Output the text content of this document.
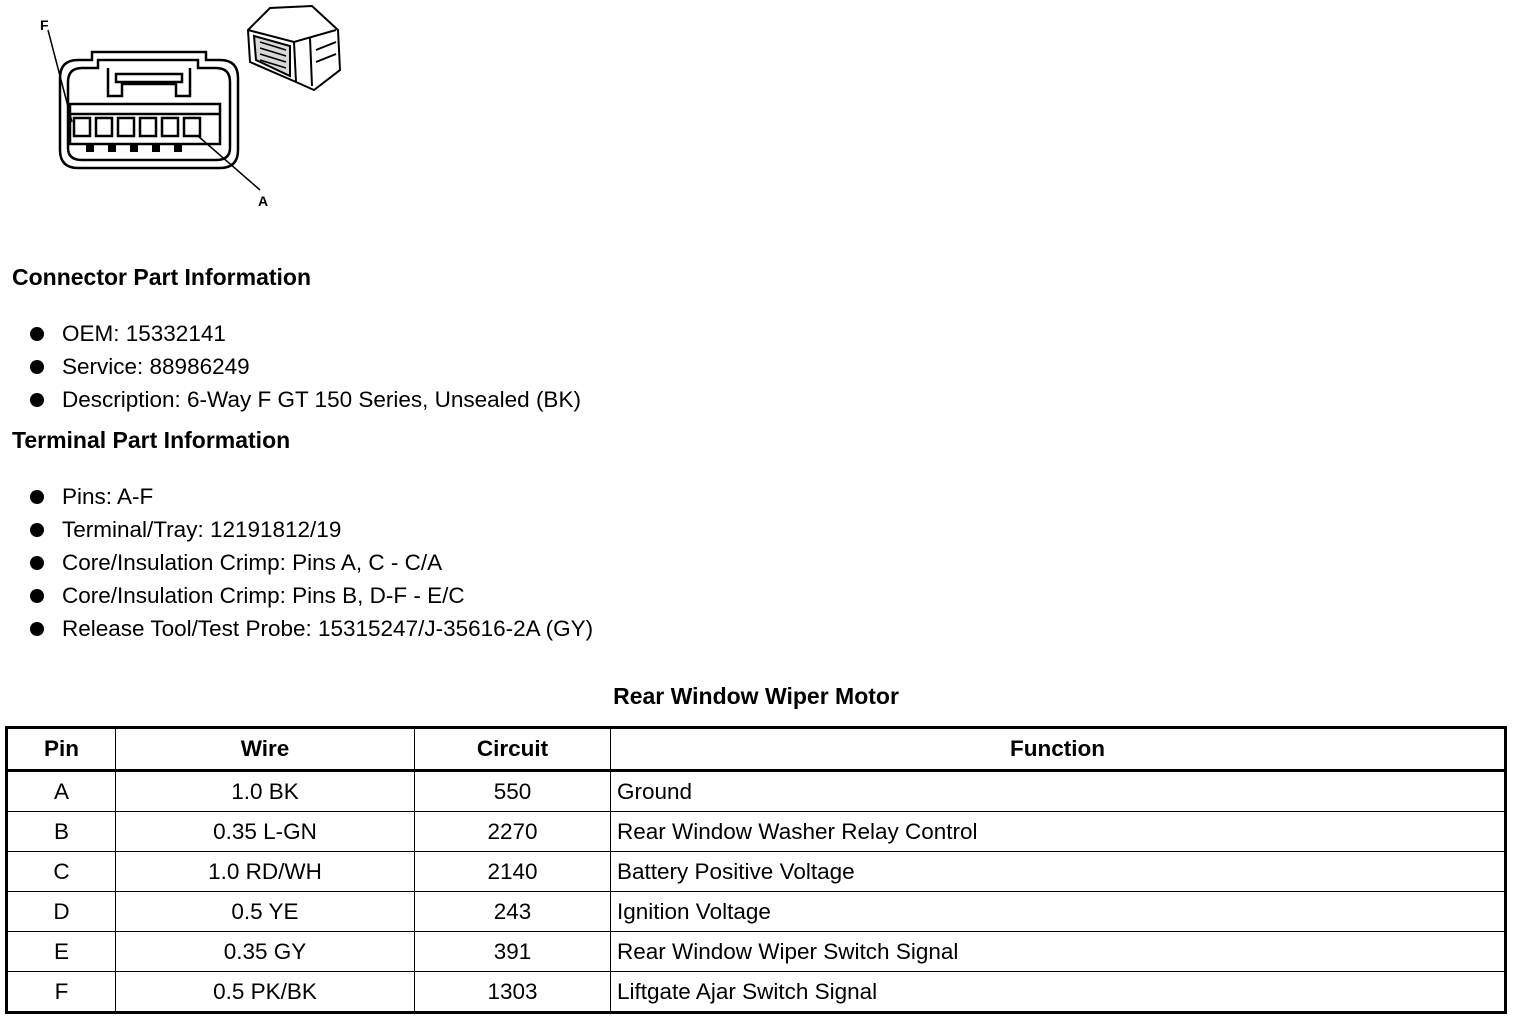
F
A
Connector Part Information
OEM: 15332141
Service: 88986249
Description: 6-Way F GT 150 Series, Unsealed (BK)
Terminal Part Information
Pins: A-F
Terminal/Tray: 12191812/19
Core/Insulation Crimp: Pins A, C - C/A
Core/Insulation Crimp: Pins B, D-F - E/C
Release Tool/Test Probe: 15315247/J-35616-2A (GY)
Rear Window Wiper Motor
Pin	Wire	Circuit	Function
A	1.0 BK	550	Ground
B	0.35 L-GN	2270	Rear Window Washer Relay Control
C	1.0 RD/WH	2140	Battery Positive Voltage
D	0.5 YE	243	Ignition Voltage
E	0.35 GY	391	Rear Window Wiper Switch Signal
F	0.5 PK/BK	1303	Liftgate Ajar Switch Signal
